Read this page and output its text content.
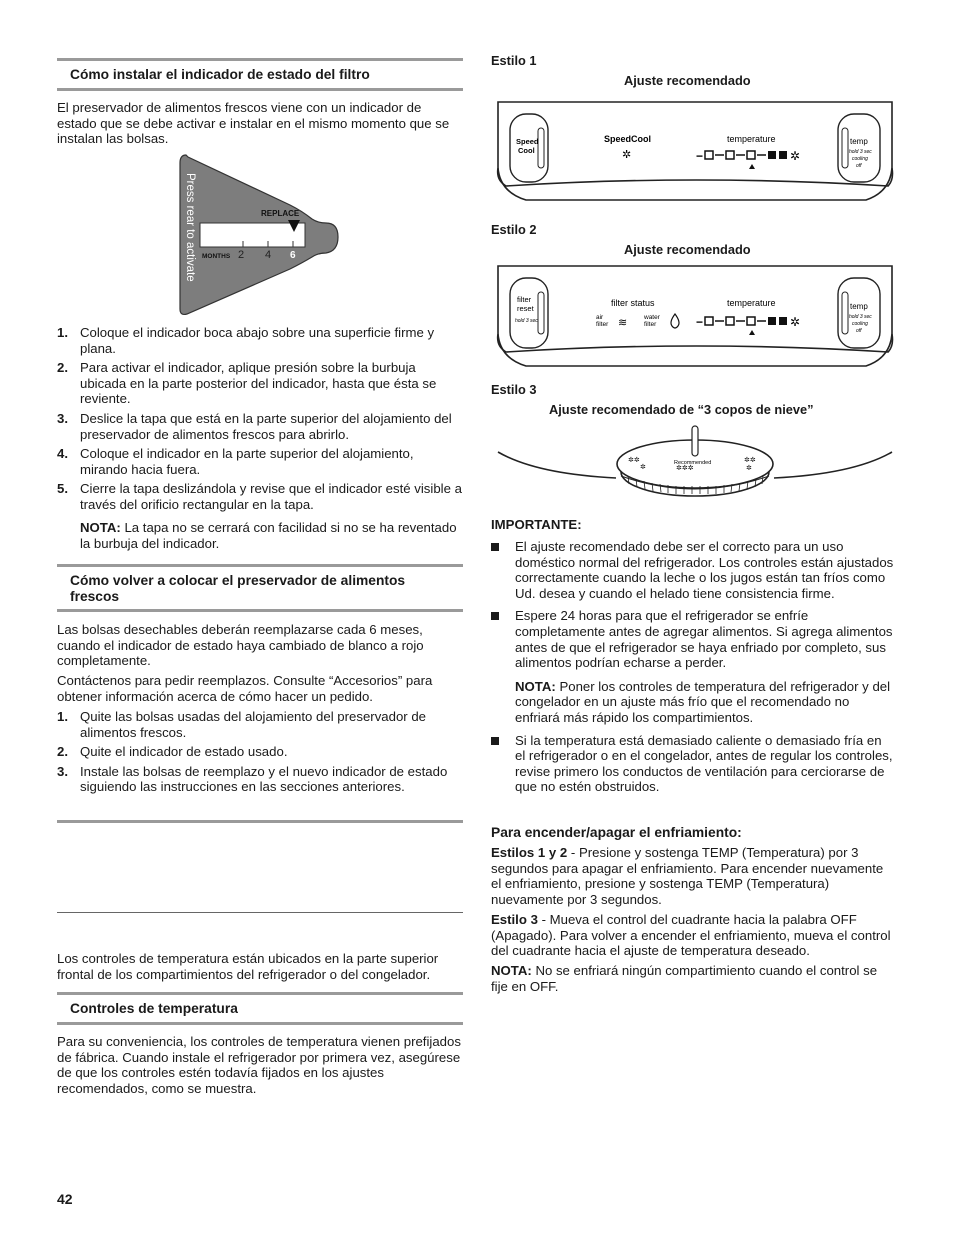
Cómo instalar el indicador de estado del filtro

El preservador de alimentos frescos viene con un indicador de estado que se debe activar e instalar en el mismo momento que se instalan las bolsas.

REPLACE
MONTHS 2 4 6
Press rear to activate
1. Coloque el indicador boca abajo sobre una superficie firme y plana.
2. Para activar el indicador, aplique presión sobre la burbuja ubicada en la parte posterior del indicador, hasta que ésta se reviente.
3. Deslice la tapa que está en la parte superior del alojamiento del preservador de alimentos frescos para abrirlo.
4. Coloque el indicador en la parte superior del alojamiento, mirando hacia fuera.
5. Cierre la tapa deslizándola y revise que el indicador esté visible a través del orificio rectangular en la tapa.

NOTA: La tapa no se cerrará con facilidad si no se ha reventado la burbuja del indicador.

Cómo volver a colocar el preservador de alimentos frescos

Las bolsas desechables deberán reemplazarse cada 6 meses, cuando el indicador de estado haya cambiado de blanco a rojo completamente.

Contáctenos para pedir reemplazos. Consulte “Accesorios” para obtener información acerca de cómo hacer un pedido.

1. Quite las bolsas usadas del alojamiento del preservador de alimentos frescos.
2. Quite el indicador de estado usado.
3. Instale las bolsas de reemplazo y el nuevo indicador de estado siguiendo las instrucciones en las secciones anteriores.

Los controles de temperatura están ubicados en la parte superior frontal de los compartimientos del refrigerador o del congelador.

Controles de temperatura

Para su conveniencia, los controles de temperatura vienen prefijados de fábrica. Cuando instale el refrigerador por primera vez, asegúrese de que los controles estén todavía fijados en los ajustes recomendados, como se muestra.

42
Estilo 1
Ajuste recomendado
Speed
Cool
SpeedCool
✲
temperature
−	✲
temp
hold 3 sec
cooling
off
Estilo 2
Ajuste recomendado
filter
reset
hold 3 sec
filter status
air
filter ≋	water
filter
temperature
−	✲
temp
hold 3 sec
cooling
off
Estilo 3
Ajuste recomendado de “3 copos de nieve”
✲✲
✲	✲✲✲
✲✲
✲
Recommended
IMPORTANTE:
El ajuste recomendado debe ser el correcto para un uso doméstico normal del refrigerador. Los controles están ajustados correctamente cuando la leche o los jugos están tan fríos como Ud. desea y cuando el helado tiene consistencia firme.
Espere 24 horas para que el refrigerador se enfríe completamente antes de agregar alimentos. Si agrega alimentos antes de que el refrigerador se haya enfriado por completo, sus alimentos podrían echarse a perder.
NOTA: Poner los controles de temperatura del refrigerador y del congelador en un ajuste más frío que el recomendado no enfriará más rápido los compartimientos.
Si la temperatura está demasiado caliente o demasiado fría en el refrigerador o en el congelador, antes de regular los controles, revise primero los conductos de ventilación para cerciorarse de que no estén obstruidos.
Para encender/apagar el enfriamiento:

Estilos 1 y 2 - Presione y sostenga TEMP (Temperatura) por 3 segundos para apagar el enfriamiento. Para encender nuevamente el enfriamiento, presione y sostenga TEMP (Temperatura) nuevamente por 3 segundos.

Estilo 3 - Mueva el control del cuadrante hacia la palabra OFF (Apagado). Para volver a encender el enfriamiento, mueva el control del cuadrante hacia el ajuste de temperatura deseado.

NOTA: No se enfriará ningún compartimiento cuando el control se fije en OFF.
